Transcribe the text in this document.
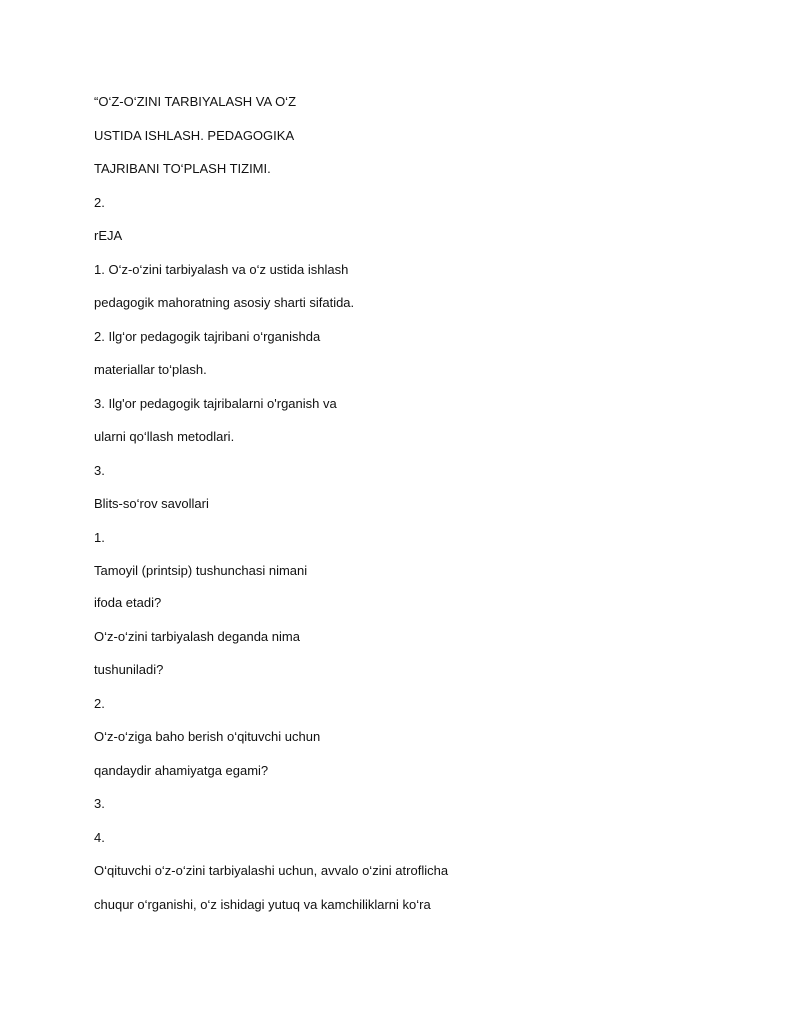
“O‘Z-O‘ZINI TARBIYALASH VA O‘Z
USTIDA ISHLASH. PEDAGOGIKA
TAJRIBANI TO‘PLASH TIZIMI.
2.
rEJA
1. O‘z-o‘zini tarbiyalash va o‘z ustida ishlash
pedagogik mahoratning asosiy sharti sifatida.
2. Ilg‘or pedagogik tajribani o‘rganishda
materiallar to‘plash.
3. Ilg'or pedagogik tajribalarni o'rganish va
ularni qo‘llash metodlari.
3.
Blits-so‘rov savollari
1.
Tamoyil (printsip) tushunchasi nimani
ifoda etadi?
O‘z-o‘zini tarbiyalash deganda nima
tushuniladi?
2.
O‘z-o‘ziga baho berish o‘qituvchi uchun
qandaydir ahamiyatga egami?
3.
4.
O‘qituvchi o‘z-o‘zini tarbiyalashi uchun, avvalo o‘zini atroflicha
chuqur o‘rganishi, o‘z ishidagi yutuq va kamchiliklarni ko‘ra
